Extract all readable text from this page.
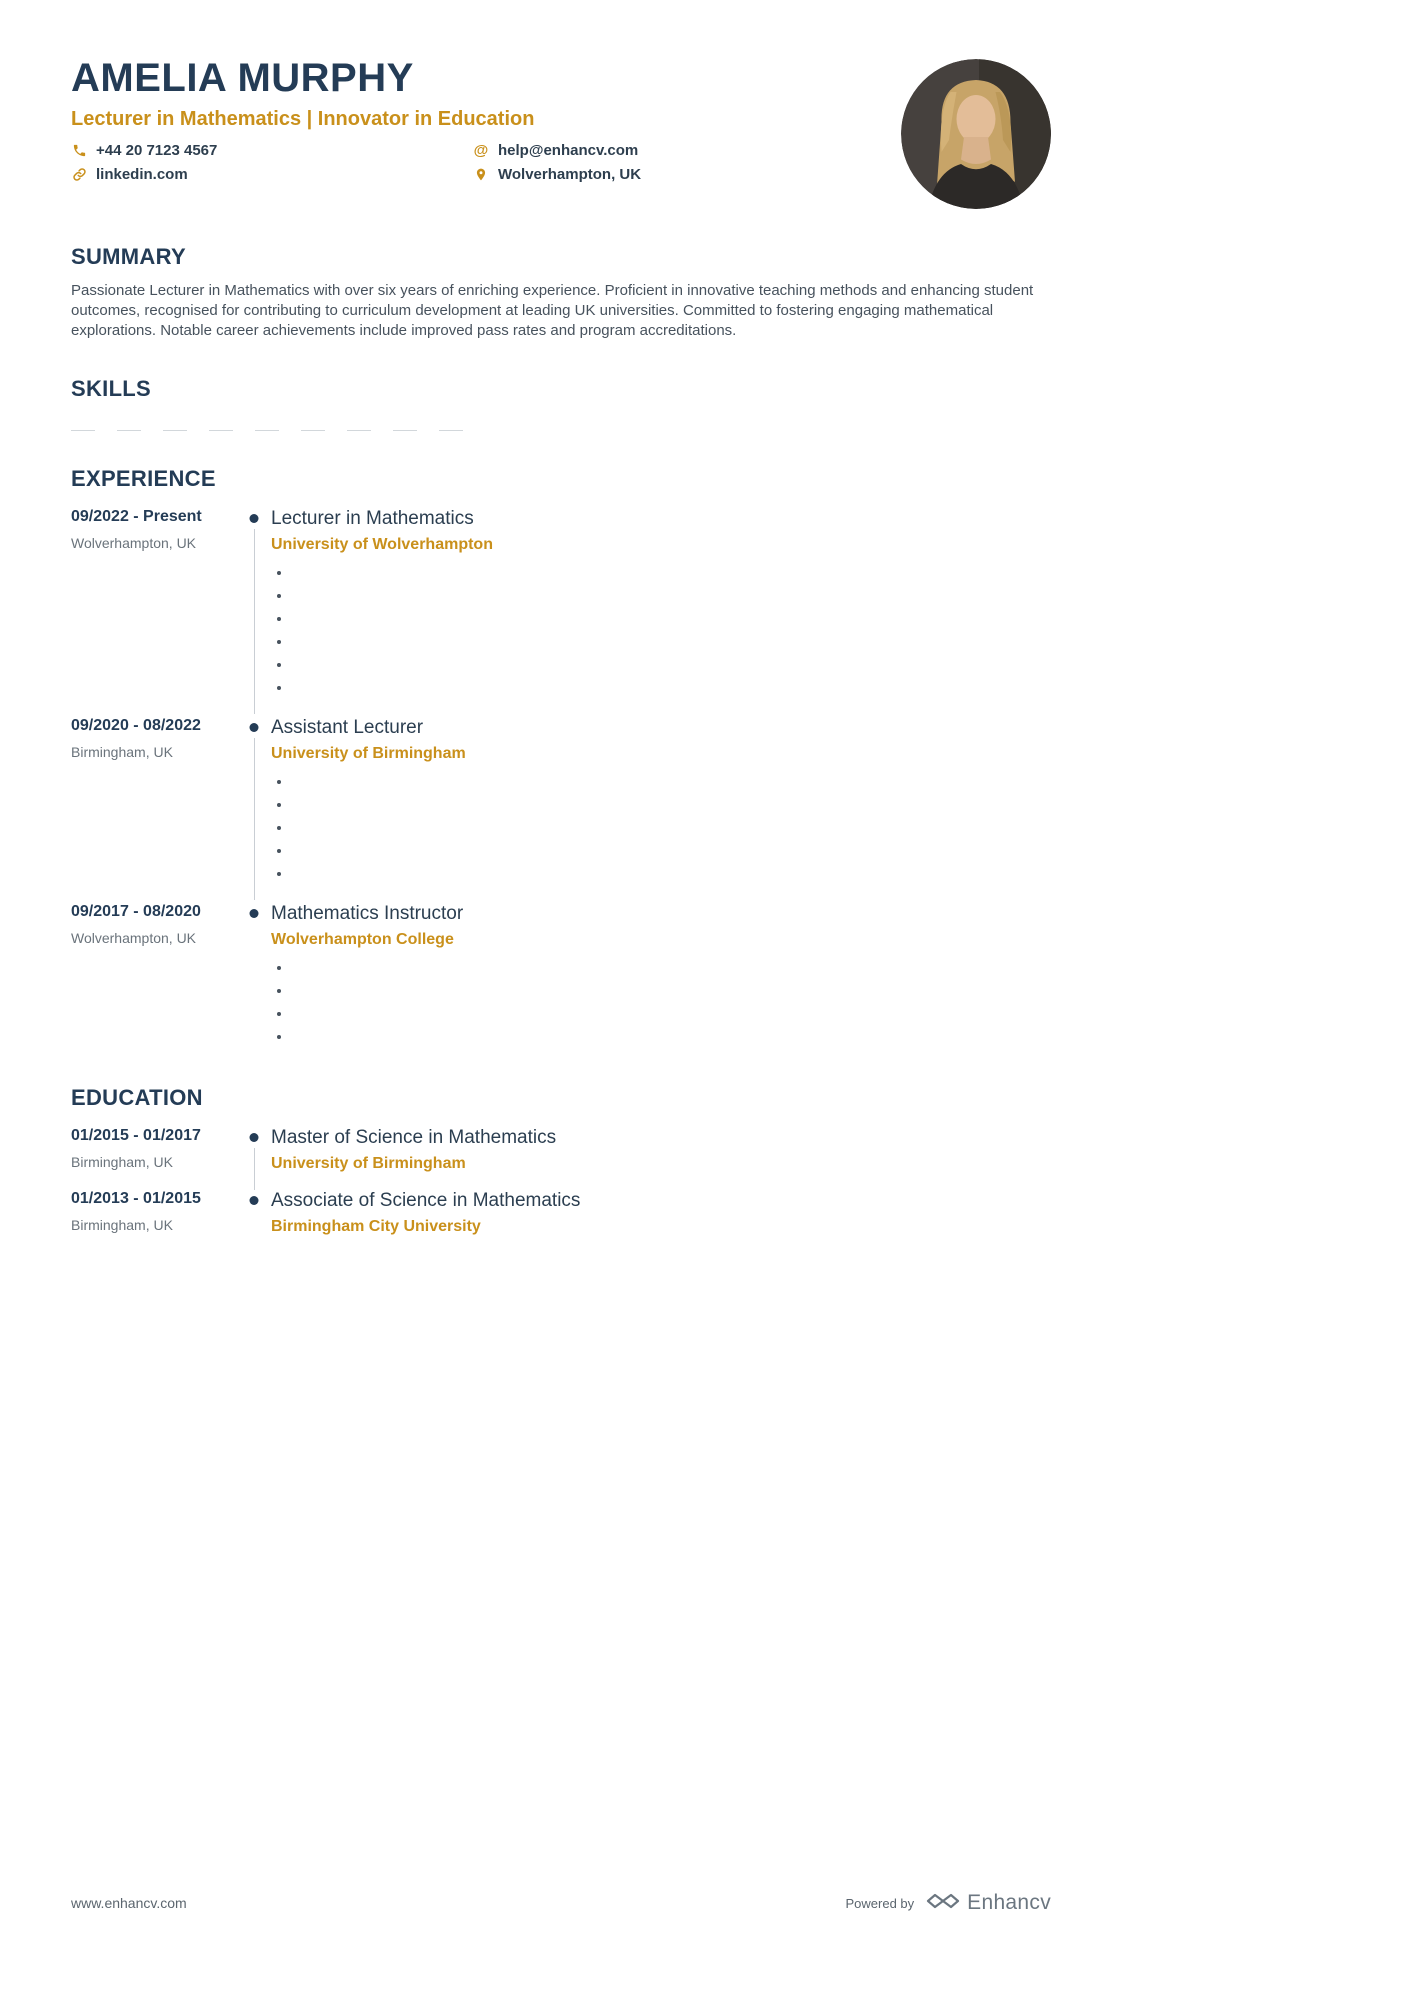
AMELIA MURPHY
Lecturer in Mathematics | Innovator in Education
+44 20 7123 4567	@ help@enhancv.com
linkedin.com	Wolverhampton, UK
SUMMARY

Passionate Lecturer in Mathematics with over six years of enriching experience. Proficient in innovative teaching methods and enhancing student outcomes, recognised for contributing to curriculum development at leading UK universities. Committed to fostering engaging mathematical explorations. Notable career achievements include improved pass rates and program accreditations.

SKILLS
EXPERIENCE
09/2022 - Present
Wolverhampton, UK
Lecturer in Mathematics
University of Wolverhampton
•
•
•
•
•
•
09/2020 - 08/2022
Birmingham, UK
Assistant Lecturer
University of Birmingham
•
•
•
•
•
09/2017 - 08/2020
Wolverhampton, UK
Mathematics Instructor
Wolverhampton College
•
•
•
•
EDUCATION
01/2015 - 01/2017
Birmingham, UK
Master of Science in Mathematics
University of Birmingham
01/2013 - 01/2015
Birmingham, UK
Associate of Science in Mathematics
Birmingham City University
www.enhancv.com	Powered by	Enhancv
